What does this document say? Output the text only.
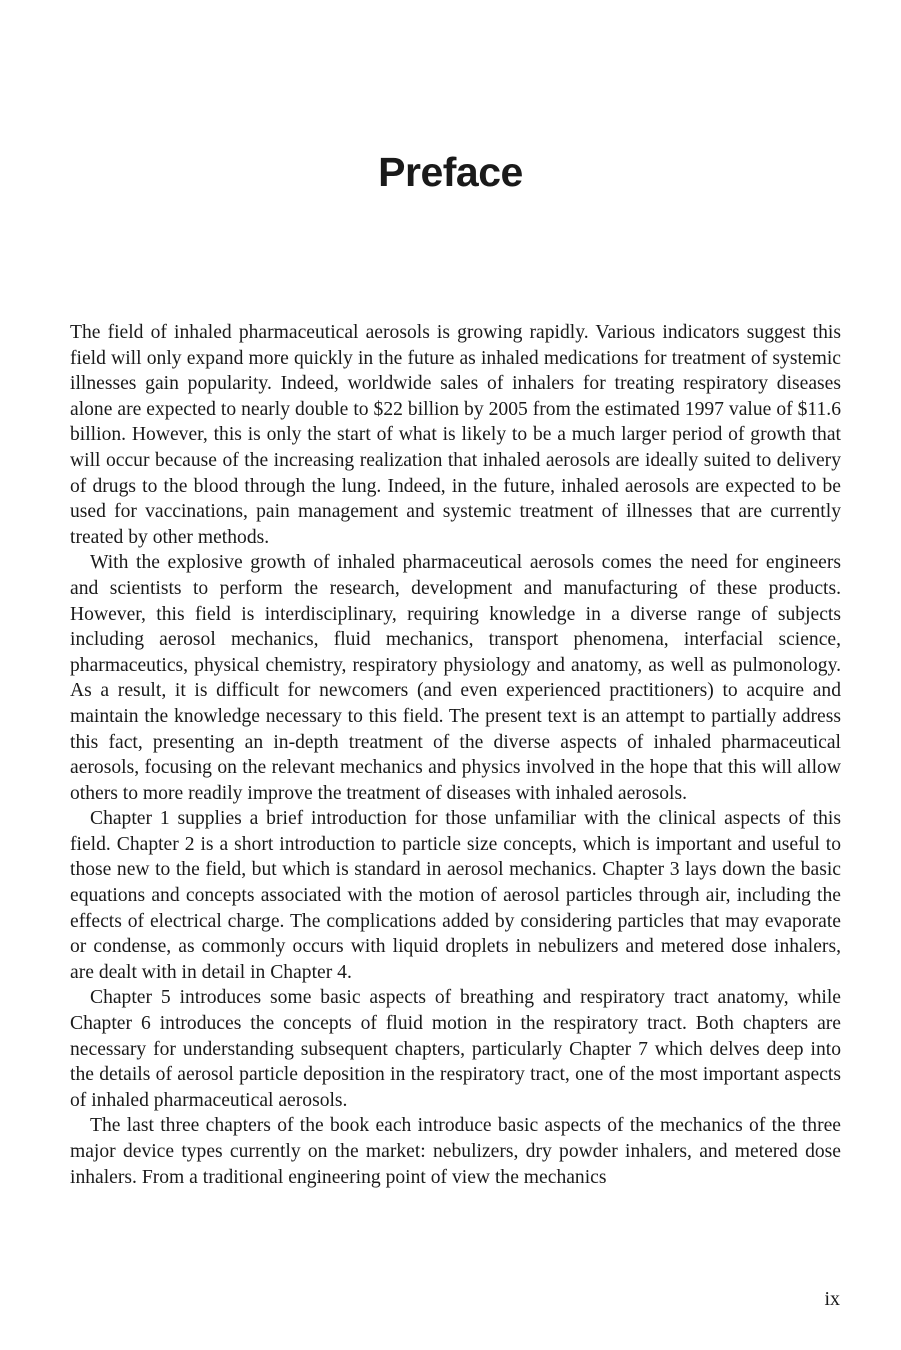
Preface

The field of inhaled pharmaceutical aerosols is growing rapidly. Various indicators suggest this field will only expand more quickly in the future as inhaled medications for treatment of systemic illnesses gain popularity. Indeed, worldwide sales of inhalers for treating respiratory diseases alone are expected to nearly double to $22 billion by 2005 from the estimated 1997 value of $11.6 billion. However, this is only the start of what is likely to be a much larger period of growth that will occur because of the increasing realization that inhaled aerosols are ideally suited to delivery of drugs to the blood through the lung. Indeed, in the future, inhaled aerosols are expected to be used for vaccinations, pain management and systemic treatment of illnesses that are currently treated by other methods.

With the explosive growth of inhaled pharmaceutical aerosols comes the need for engineers and scientists to perform the research, development and manufacturing of these products. However, this field is interdisciplinary, requiring knowledge in a diverse range of subjects including aerosol mechanics, fluid mechanics, transport phenomena, interfacial science, pharmaceutics, physical chemistry, respiratory physiology and anatomy, as well as pulmonology. As a result, it is difficult for newcomers (and even experienced practitioners) to acquire and maintain the knowledge necessary to this field. The present text is an attempt to partially address this fact, presenting an in-depth treatment of the diverse aspects of inhaled pharmaceutical aerosols, focusing on the relevant mechanics and physics involved in the hope that this will allow others to more readily improve the treatment of diseases with inhaled aerosols.

Chapter 1 supplies a brief introduction for those unfamiliar with the clinical aspects of this field. Chapter 2 is a short introduction to particle size concepts, which is important and useful to those new to the field, but which is standard in aerosol mechanics. Chapter 3 lays down the basic equations and concepts associated with the motion of aerosol particles through air, including the effects of electrical charge. The complications added by considering particles that may evaporate or condense, as commonly occurs with liquid droplets in nebulizers and metered dose inhalers, are dealt with in detail in Chapter 4.

Chapter 5 introduces some basic aspects of breathing and respiratory tract anatomy, while Chapter 6 introduces the concepts of fluid motion in the respiratory tract. Both chapters are necessary for understanding subsequent chapters, particularly Chapter 7 which delves deep into the details of aerosol particle deposition in the respiratory tract, one of the most important aspects of inhaled pharmaceutical aerosols.

The last three chapters of the book each introduce basic aspects of the mechanics of the three major device types currently on the market: nebulizers, dry powder inhalers, and metered dose inhalers. From a traditional engineering point of view the mechanics

ix
